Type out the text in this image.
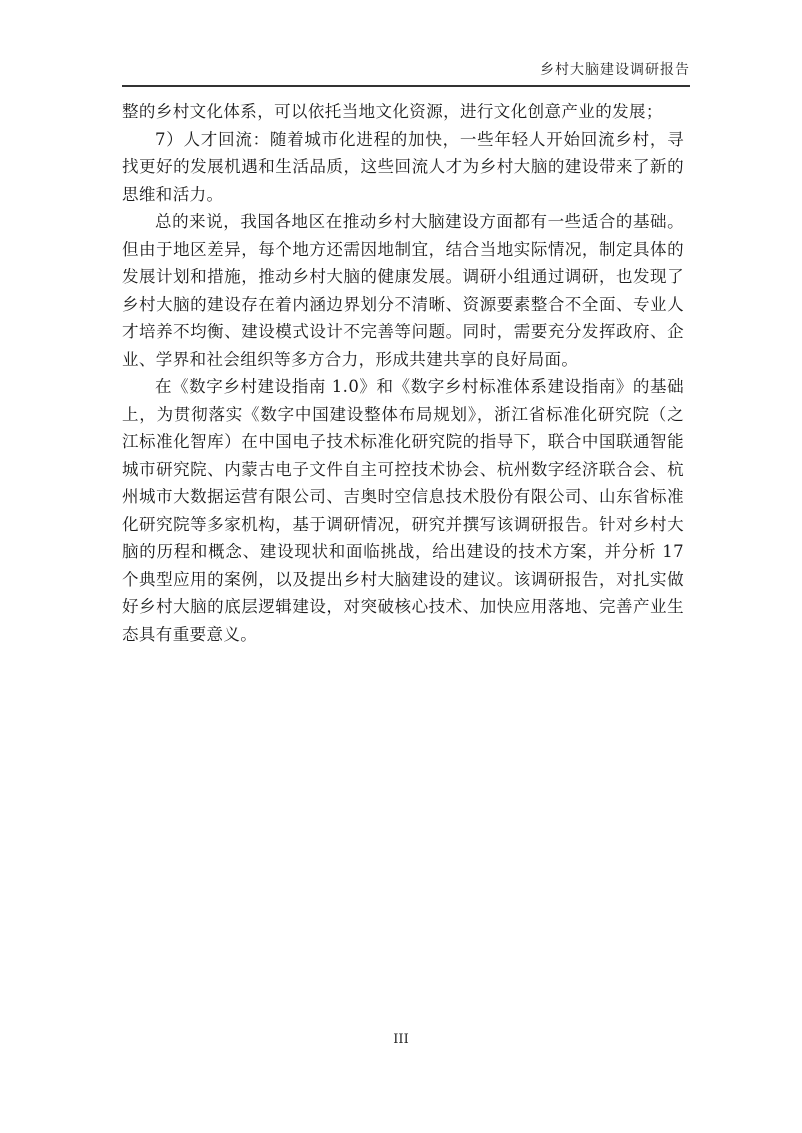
乡村大脑建设调研报告

整的乡村文化体系，可以依托当地文化资源，进行文化创意产业的发展；

7）人才回流：随着城市化进程的加快，一些年轻人开始回流乡村，寻找更好的发展机遇和生活品质，这些回流人才为乡村大脑的建设带来了新的思维和活力。

总的来说，我国各地区在推动乡村大脑建设方面都有一些适合的基础。但由于地区差异，每个地方还需因地制宜，结合当地实际情况，制定具体的发展计划和措施，推动乡村大脑的健康发展。调研小组通过调研，也发现了乡村大脑的建设存在着内涵边界划分不清晰、资源要素整合不全面、专业人才培养不均衡、建设模式设计不完善等问题。同时，需要充分发挥政府、企业、学界和社会组织等多方合力，形成共建共享的良好局面。

在《数字乡村建设指南 1.0》和《数字乡村标准体系建设指南》的基础上，为贯彻落实《数字中国建设整体布局规划》，浙江省标准化研究院（之江标准化智库）在中国电子技术标准化研究院的指导下，联合中国联通智能城市研究院、内蒙古电子文件自主可控技术协会、杭州数字经济联合会、杭州城市大数据运营有限公司、吉奥时空信息技术股份有限公司、山东省标准化研究院等多家机构，基于调研情况，研究并撰写该调研报告。针对乡村大脑的历程和概念、建设现状和面临挑战，给出建设的技术方案，并分析 17 个典型应用的案例，以及提出乡村大脑建设的建议。该调研报告，对扎实做好乡村大脑的底层逻辑建设，对突破核心技术、加快应用落地、完善产业生态具有重要意义。

III
